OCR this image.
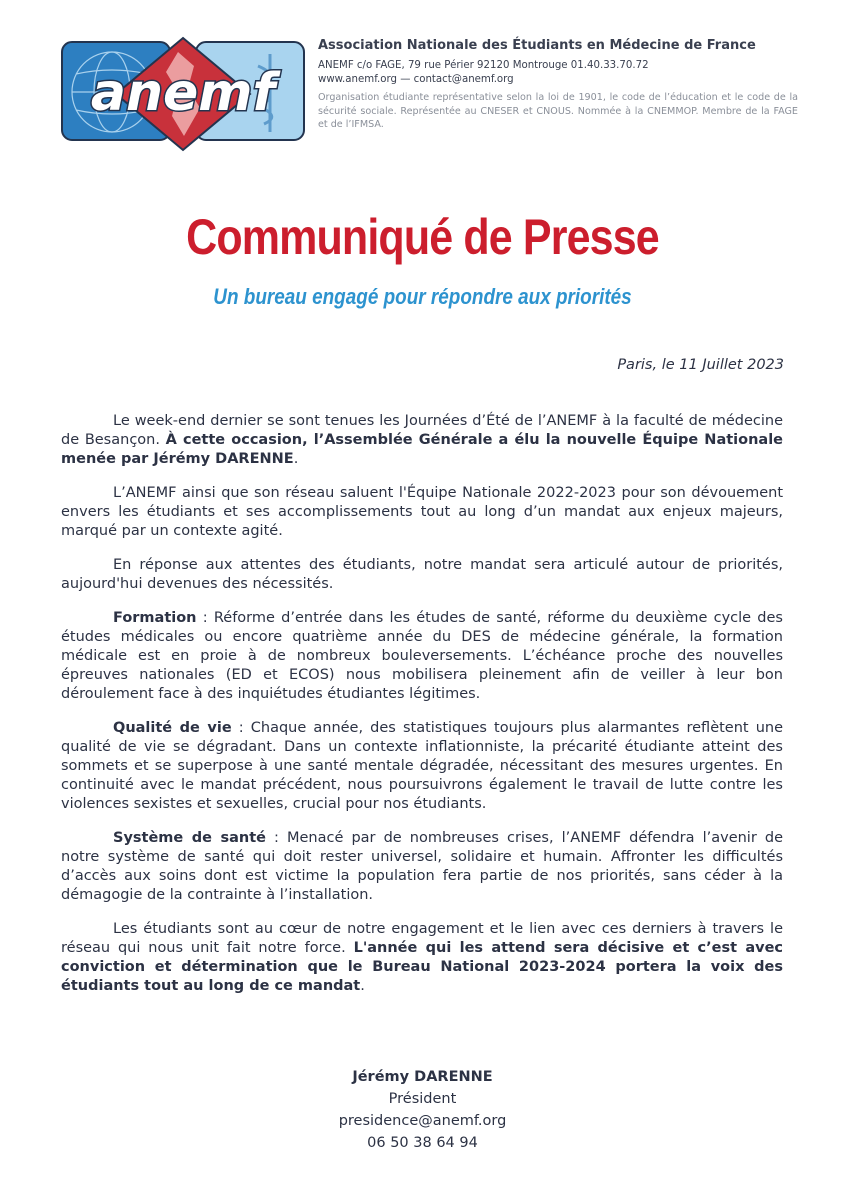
anemf
Association Nationale des Étudiants en Médecine de France
ANEMF c/o FAGE, 79 rue Périer 92120 Montrouge 01.40.33.70.72
www.anemf.org — contact@anemf.org
Organisation étudiante représentative selon la loi de 1901, le code de l’éducation et le code de la sécurité sociale. Représentée au CNESER et CNOUS. Nommée à la CNEMMOP. Membre de la FAGE et de l’IFMSA.
Communiqué de Presse
Un bureau engagé pour répondre aux priorités
Paris, le 11 Juillet 2023

Le week-end dernier se sont tenues les Journées d’Été de l’ANEMF à la faculté de médecine de Besançon. À cette occasion, l’Assemblée Générale a élu la nouvelle Équipe Nationale menée par Jérémy DARENNE.

L’ANEMF ainsi que son réseau saluent l'Équipe Nationale 2022-2023 pour son dévouement envers les étudiants et ses accomplissements tout au long d’un mandat aux enjeux majeurs, marqué par un contexte agité.

En réponse aux attentes des étudiants, notre mandat sera articulé autour de priorités, aujourd'hui devenues des nécessités.

Formation : Réforme d’entrée dans les études de santé, réforme du deuxième cycle des études médicales ou encore quatrième année du DES de médecine générale, la formation médicale est en proie à de nombreux bouleversements. L’échéance proche des nouvelles épreuves nationales (ED et ECOS) nous mobilisera pleinement afin de veiller à leur bon déroulement face à des inquiétudes étudiantes légitimes.

Qualité de vie : Chaque année, des statistiques toujours plus alarmantes reflètent une qualité de vie se dégradant. Dans un contexte inflationniste, la précarité étudiante atteint des sommets et se superpose à une santé mentale dégradée, nécessitant des mesures urgentes. En continuité avec le mandat précédent, nous poursuivrons également le travail de lutte contre les violences sexistes et sexuelles, crucial pour nos étudiants.

Système de santé : Menacé par de nombreuses crises, l’ANEMF défendra l’avenir de notre système de santé qui doit rester universel, solidaire et humain. Affronter les difficultés d’accès aux soins dont est victime la population fera partie de nos priorités, sans céder à la démagogie de la contrainte à l’installation.

Les étudiants sont au cœur de notre engagement et le lien avec ces derniers à travers le réseau qui nous unit fait notre force. L'année qui les attend sera décisive et c’est avec conviction et détermination que le Bureau National 2023-2024 portera la voix des étudiants tout au long de ce mandat.

Jérémy DARENNE
Président
presidence@anemf.org
06 50 38 64 94
